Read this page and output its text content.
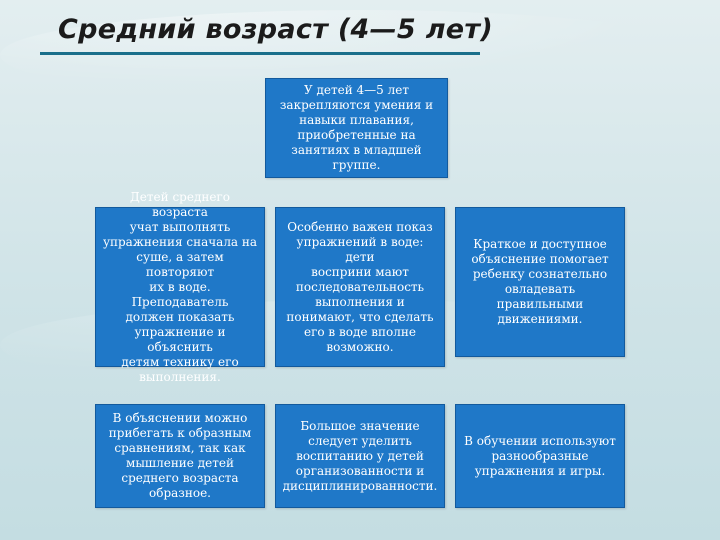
Средний возраст (4—5 лет)
У детей 4—5 лет
закрепляются умения и
навыки плавания,
приобретенные на
занятиях в младшей группе.
Детей среднего возраста
учат выполнять
упражнения сначала на
суше, а затем повторяют
их в воде. Преподаватель
должен показать
упражнение и объяснить
детям технику его
выполнения.
Особенно важен показ
упражнений в воде: дети
восприни мают
последовательность
выполнения и
понимают, что сделать
его в воде вполне
возможно.
Краткое и доступное
объяснение помогает
ребенку сознательно
овладевать
правильными
движениями.
В объяснении можно
прибегать к образным
сравнениям, так как
мышление детей
среднего возраста
образное.
Большое значение
следует уделить
воспитанию у детей
организованности и
дисциплинированности.
В обучении используют
разнообразные
упражнения и игры.
